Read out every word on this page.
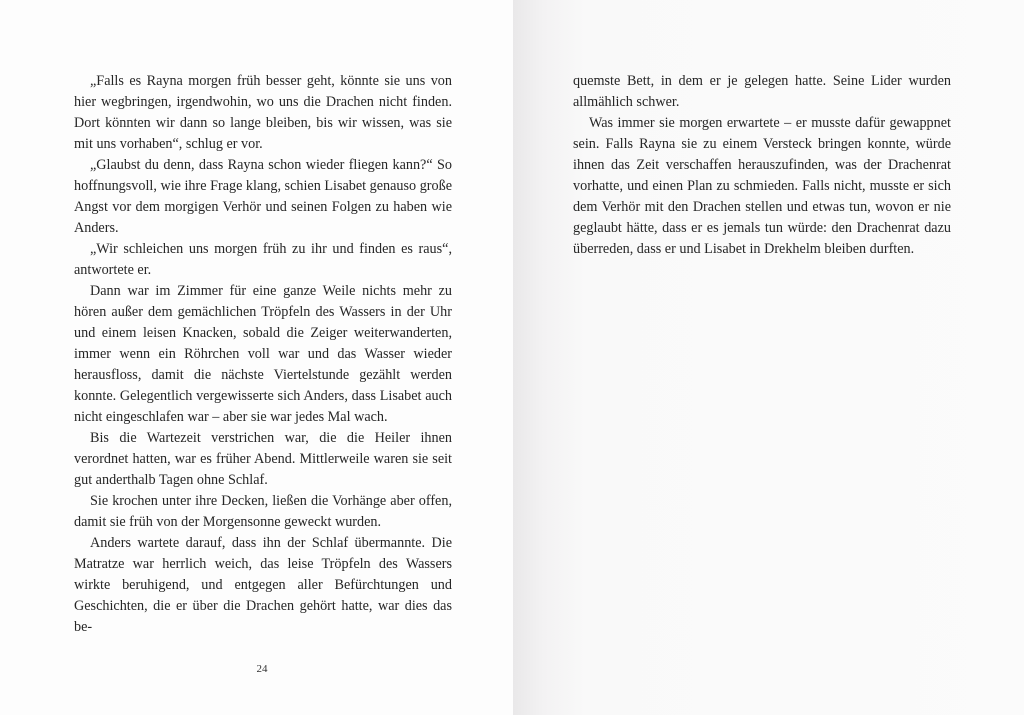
„Falls es Rayna morgen früh besser geht, könnte sie uns von hier wegbringen, irgendwohin, wo uns die Drachen nicht finden. Dort könnten wir dann so lange bleiben, bis wir wissen, was sie mit uns vorhaben“, schlug er vor.

„Glaubst du denn, dass Rayna schon wieder fliegen kann?“ So hoffnungsvoll, wie ihre Frage klang, schien Lisabet genauso große Angst vor dem morgigen Verhör und seinen Folgen zu haben wie Anders.

„Wir schleichen uns morgen früh zu ihr und finden es raus“, antwortete er.

Dann war im Zimmer für eine ganze Weile nichts mehr zu hören außer dem gemächlichen Tröpfeln des Wassers in der Uhr und einem leisen Knacken, sobald die Zeiger weiterwanderten, immer wenn ein Röhrchen voll war und das Wasser wieder herausfloss, damit die nächste Viertelstunde gezählt werden konnte. Gelegentlich vergewisserte sich Anders, dass Lisabet auch nicht eingeschlafen war – aber sie war jedes Mal wach.

Bis die Wartezeit verstrichen war, die die Heiler ihnen verordnet hatten, war es früher Abend. Mittlerweile waren sie seit gut anderthalb Tagen ohne Schlaf.

Sie krochen unter ihre Decken, ließen die Vorhänge aber offen, damit sie früh von der Morgensonne geweckt wurden.

Anders wartete darauf, dass ihn der Schlaf übermannte. Die Matratze war herrlich weich, das leise Tröpfeln des Wassers wirkte beruhigend, und entgegen aller Befürchtungen und Geschichten, die er über die Drachen gehört hatte, war dies das be-

24

quemste Bett, in dem er je gelegen hatte. Seine Lider wurden allmählich schwer.

Was immer sie morgen erwartete – er musste dafür gewappnet sein. Falls Rayna sie zu einem Versteck bringen konnte, würde ihnen das Zeit verschaffen herauszufinden, was der Drachenrat vorhatte, und einen Plan zu schmieden. Falls nicht, musste er sich dem Verhör mit den Drachen stellen und etwas tun, wovon er nie geglaubt hätte, dass er es jemals tun würde: den Drachenrat dazu überreden, dass er und Lisabet in Drekhelm bleiben durften.
